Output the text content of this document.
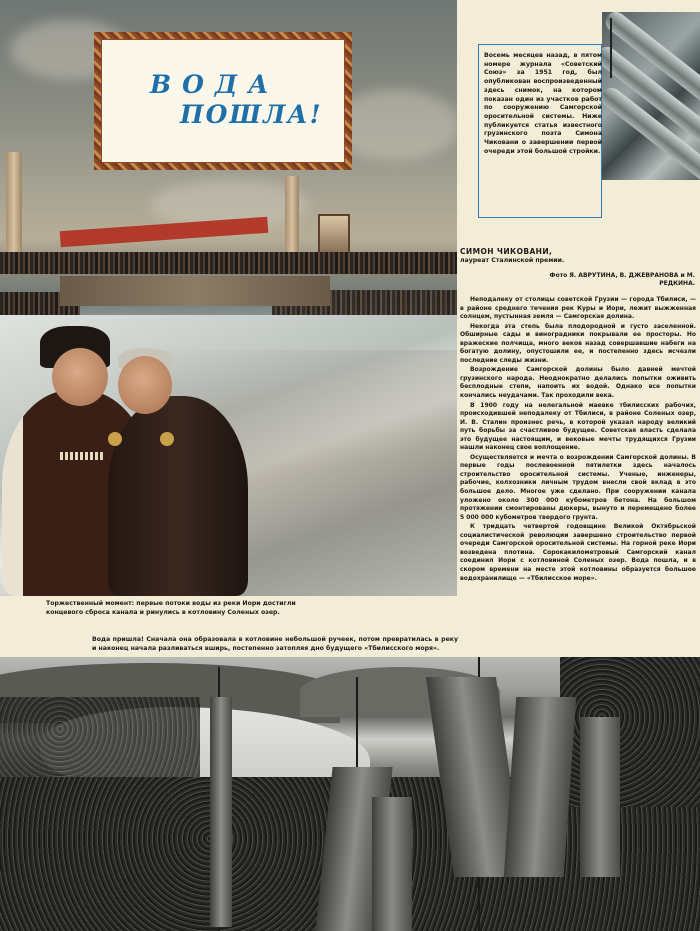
ВОДА
ПОШЛА!
Торжественный момент: первые потоки воды из реки Иори достигли концевого сброса канала и ринулись в котловину Соленых озер.
Вода пришла! Сначала она образовала в котловине небольшой ручеек, потом превратилась в реку и наконец начала разливаться вширь, постепенно затопляя дно будущего «Тбилисского моря».
Восемь месяцев назад, в пятом номере журнала «Советский Союз» за 1951 год, был опубликован воспроизведенный здесь снимок, на котором показан один из участков работ по сооружению Самгорской оросительной системы. Ниже публикуется статья известного грузинского поэта Симона Чиковани о завершении первой очереди этой большой стройки.
СИМОН ЧИКОВАНИ,
лауреат Сталинской премии.
Фото Я. АВРУТИНА, В. ДЖЕВРАНОВА и М. РЕДКИНА.

Неподалеку от столицы советской Грузии — города Тбилиси, — в районе среднего течения рек Куры и Иори, лежит выжженная солнцем, пустынная земля — Самгорская долина.

Некогда эта степь была плодородной и густо заселенной. Обширные сады и виноградники покрывали ее просторы. Но вражеские полчища, много веков назад совершавшие набеги на богатую долину, опустошили ее, и постепенно здесь исчезли последние следы жизни.

Возрождение Самгорской долины было давней мечтой грузинского народа. Неоднократно делались попытки оживить бесплодные степи, напоить их водой. Однако все попытки кончались неудачами. Так проходили века.

В 1900 году на нелегальной маевке тбилисских рабочих, происходившей неподалеку от Тбилиси, в районе Соленых озер, И. В. Сталин произнес речь, в которой указал народу великий путь борьбы за счастливое будущее. Советская власть сделала это будущее настоящим, и вековые мечты трудящихся Грузии нашли наконец свое воплощение.

Осуществляется и мечта о возрождении Самгорской долины. В первые годы послевоенной пятилетки здесь началось строительство оросительной системы. Ученые, инженеры, рабочие, колхозники личным трудом внесли свой вклад в это большое дело. Многое уже сделано. При сооружении канала уложено около 300 000 кубометров бетона. На большом протяжении смонтированы дюкеры, вынуто и перемещено более 5 000 000 кубометров твердого грунта.

К тридцать четвертой годовщине Великой Октябрьской социалистической революции завершено строительство первой очереди Самгорской оросительной системы. На горной реке Иори возведена плотина. Сорокакилометровый Самгорский канал соединил Иори с котловиной Соленых озер. Вода пошла, и в скором времени на месте этой котловины образуется большое водохранилище — «Тбилисское море».
